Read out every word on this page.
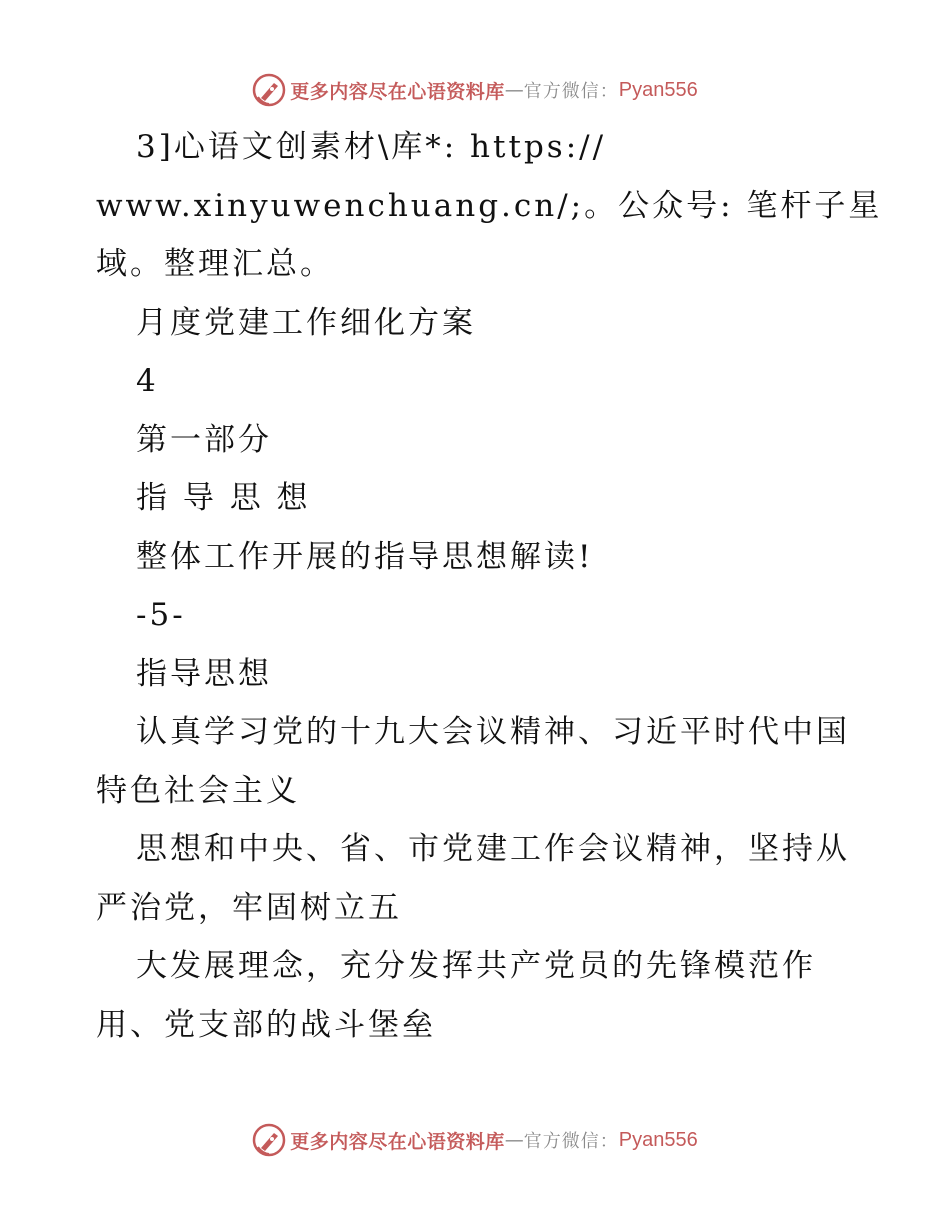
更多内容尽在心语资料库 — 官方微信： Pyan556
3]心语文创素材\库*: https://
www.xinyuwenchuang.cn/;。公众号: 笔杆子星
域。整理汇总。
月度党建工作细化方案
4
第一部分
指 导 思 想
整体工作开展的指导思想解读!
-5-
指导思想
认真学习党的十九大会议精神、习近平时代中国
特色社会主义
思想和中央、省、市党建工作会议精神，坚持从
严治党，牢固树立五
大发展理念，充分发挥共产党员的先锋模范作
用、党支部的战斗堡垒
更多内容尽在心语资料库 — 官方微信： Pyan556
